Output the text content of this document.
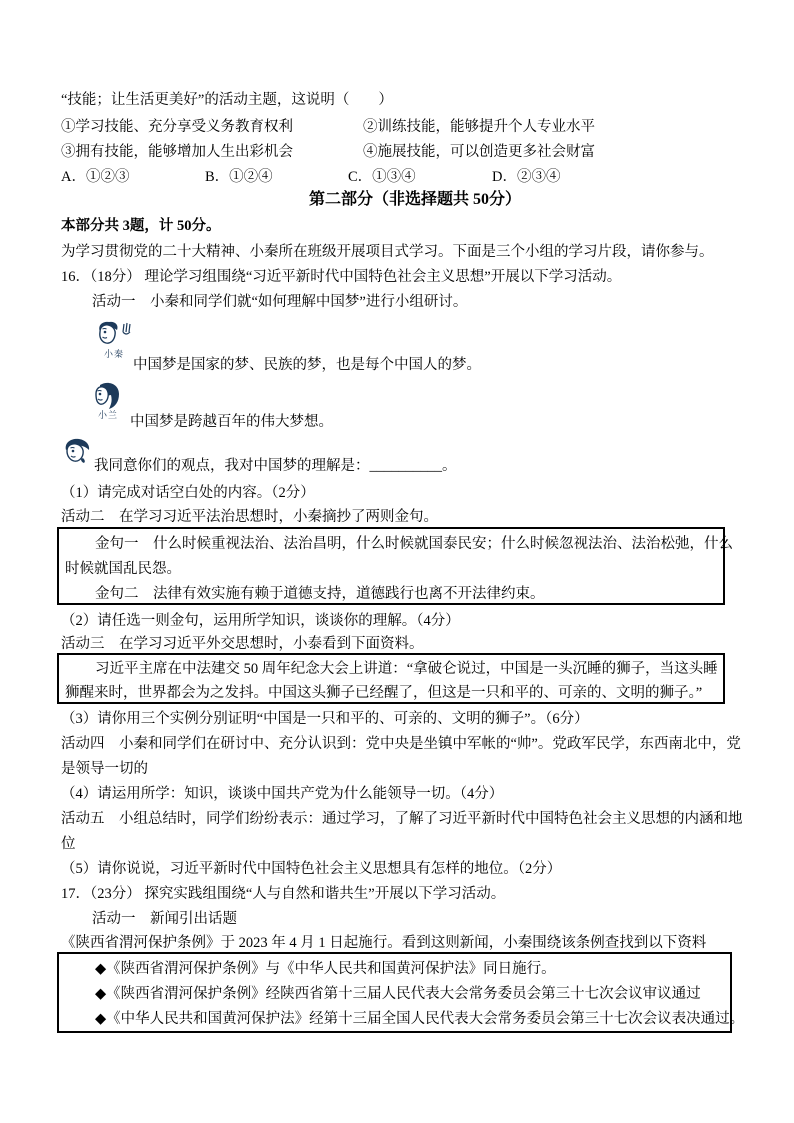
“技能；让生活更美好”的活动主题，这说明（　　）
①学习技能、充分享受义务教育权利	②训练技能，能够提升个人专业水平
③拥有技能，能够增加人生出彩机会	④施展技能，可以创造更多社会财富
A．①②③	B．①②④	C．①③④	D．②③④
第二部分（非选择题共 50分）
本部分共 3题，计 50分。
为学习贯彻党的二十大精神、小秦所在班级开展项目式学习。下面是三个小组的学习片段，请你参与。
16．（18分） 理论学习组围绕“习近平新时代中国特色社会主义思想”开展以下学习活动。
活动一　小秦和同学们就“如何理解中国梦”进行小组研讨。
小秦
中国梦是国家的梦、民族的梦，也是每个中国人的梦。
小兰 中国梦是跨越百年的伟大梦想。
我同意你们的观点，我对中国梦的理解是：__________。
（1）请完成对话空白处的内容。（2分）
活动二　在学习习近平法治思想时，小秦摘抄了两则金句。
金句一　什么时候重视法治、法治昌明，什么时候就国泰民安；什么时候忽视法治、法治松弛，什么
时候就国乱民怨。
金句二　法律有效实施有赖于道德支持，道德践行也离不开法律约束。
（2）请任选一则金句，运用所学知识，谈谈你的理解。（4分）
活动三　在学习习近平外交思想时，小泰看到下面资料。
习近平主席在中法建交 50 周年纪念大会上讲道：“拿破仑说过，中国是一头沉睡的狮子，当这头睡
狮醒来时，世界都会为之发抖。中国这头狮子已经醒了，但这是一只和平的、可亲的、文明的狮子。”
（3）请你用三个实例分别证明“中国是一只和平的、可亲的、文明的狮子”。（6分）
活动四　小秦和同学们在研讨中、充分认识到：党中央是坐镇中军帐的“帅”。党政军民学，东西南北中，党
是领导一切的
（4）请运用所学：知识，谈谈中国共产党为什么能领导一切。（4分）
活动五　小组总结时，同学们纷纷表示：通过学习，了解了习近平新时代中国特色社会主义思想的内涵和地
位
（5）请你说说，习近平新时代中国特色社会主义思想具有怎样的地位。（2分）
17．（23分） 探究实践组围绕“人与自然和谐共生”开展以下学习活动。
活动一　新闻引出话题
《陕西省渭河保护条例》于 2023 年 4 月 1 日起施行。看到这则新闻，小秦围绕该条例查找到以下资料
◆《陕西省渭河保护条例》与《中华人民共和国黄河保护法》同日施行。
◆《陕西省渭河保护条例》经陕西省第十三届人民代表大会常务委员会第三十七次会议审议通过
◆《中华人民共和国黄河保护法》经第十三届全国人民代表大会常务委员会第三十七次会议表决通过。
